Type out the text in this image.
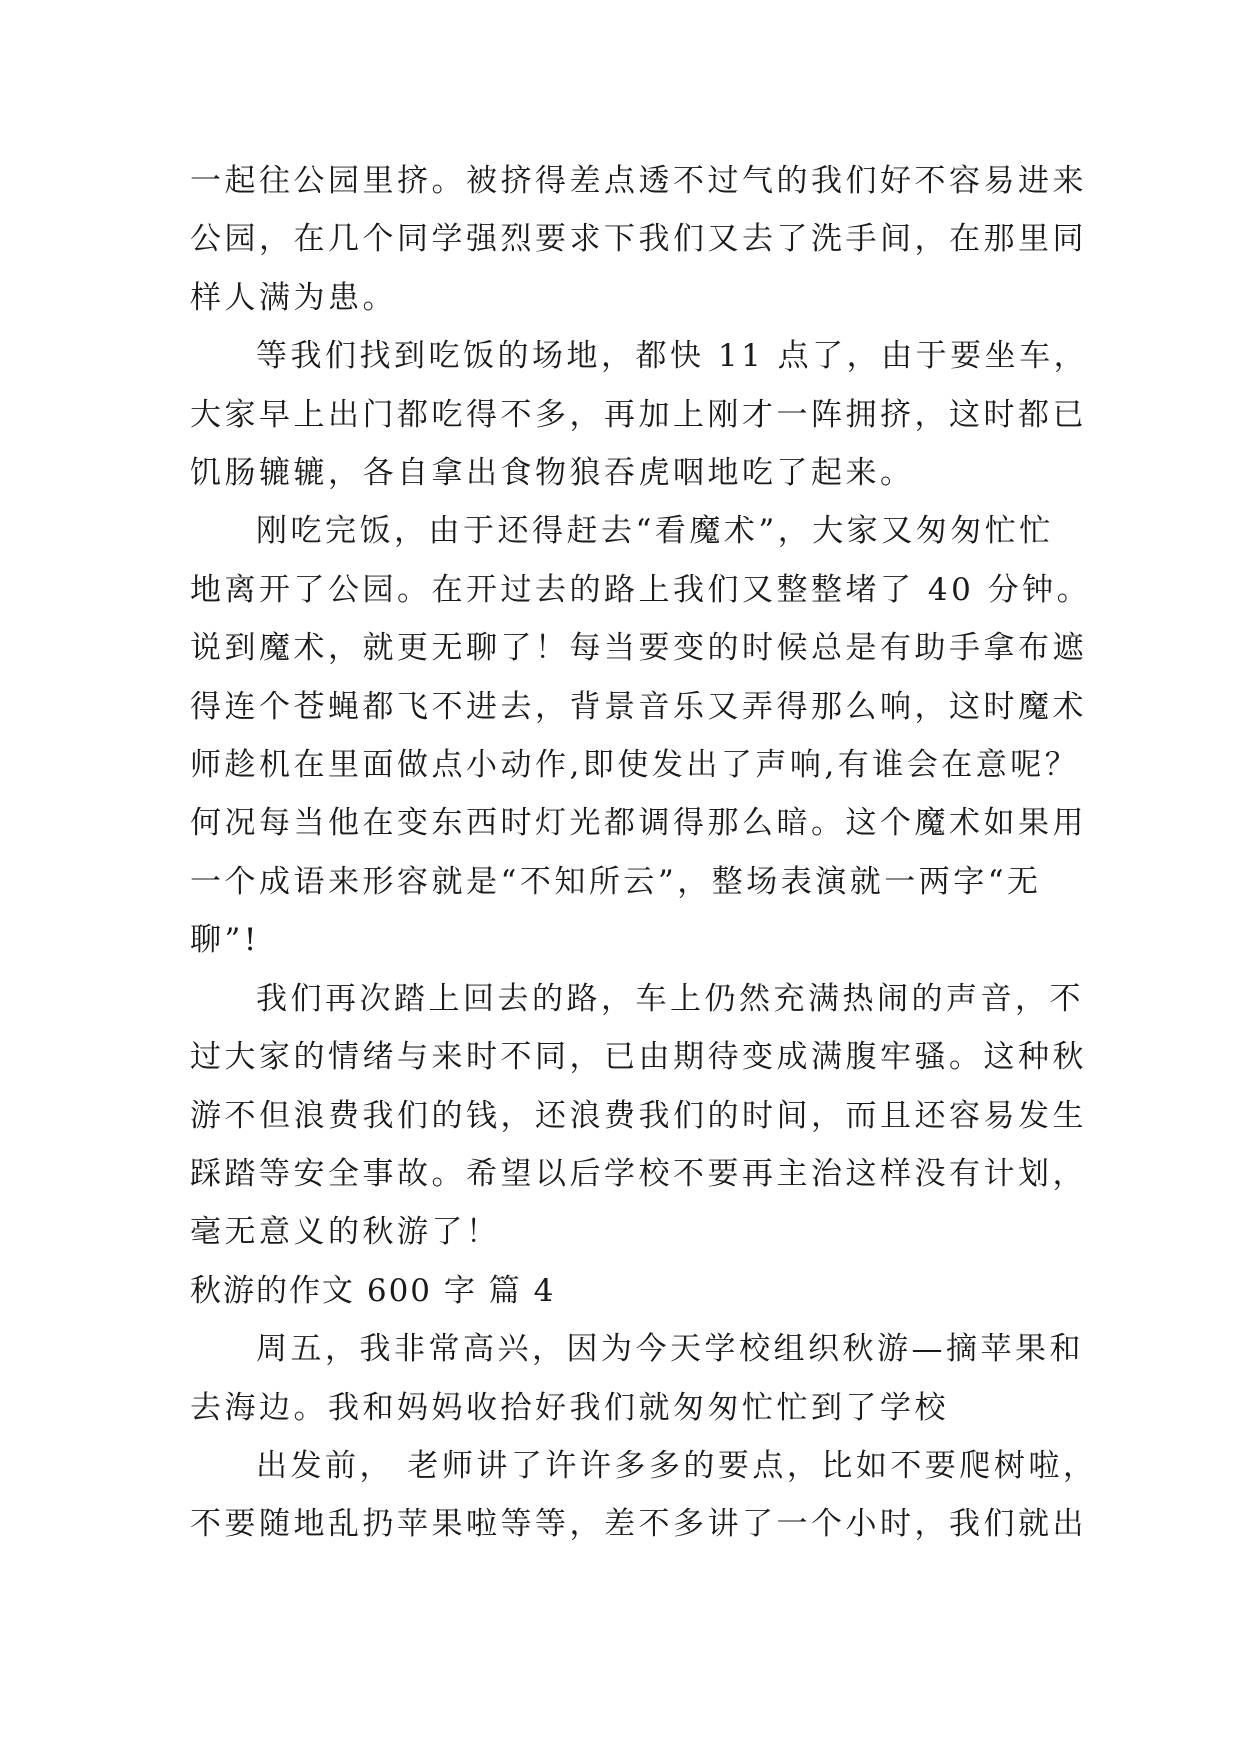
一起往公园里挤。被挤得差点透不过气的我们好不容易进来
公园，在几个同学强烈要求下我们又去了洗手间，在那里同
样人满为患。
等我们找到吃饭的场地，都快 11 点了，由于要坐车，
大家早上出门都吃得不多，再加上刚才一阵拥挤，这时都已
饥肠辘辘，各自拿出食物狼吞虎咽地吃了起来。
刚吃完饭，由于还得赶去“看魔术”，大家又匆匆忙忙
地离开了公园。在开过去的路上我们又整整堵了 40 分钟。
说到魔术，就更无聊了！每当要变的时候总是有助手拿布遮
得连个苍蝇都飞不进去，背景音乐又弄得那么响，这时魔术
师趁机在里面做点小动作,即使发出了声响,有谁会在意呢？
何况每当他在变东西时灯光都调得那么暗。这个魔术如果用
一个成语来形容就是“不知所云”，整场表演就一两字“无
聊”!
我们再次踏上回去的路，车上仍然充满热闹的声音，不
过大家的情绪与来时不同，已由期待变成满腹牢骚。这种秋
游不但浪费我们的钱，还浪费我们的时间，而且还容易发生
踩踏等安全事故。希望以后学校不要再主治这样没有计划，
毫无意义的秋游了！
秋游的作文 600 字 篇 4
周五，我非常高兴，因为今天学校组织秋游—摘苹果和
去海边。我和妈妈收拾好我们就匆匆忙忙到了学校
出发前， 老师讲了许许多多的要点，比如不要爬树啦，
不要随地乱扔苹果啦等等，差不多讲了一个小时，我们就出
